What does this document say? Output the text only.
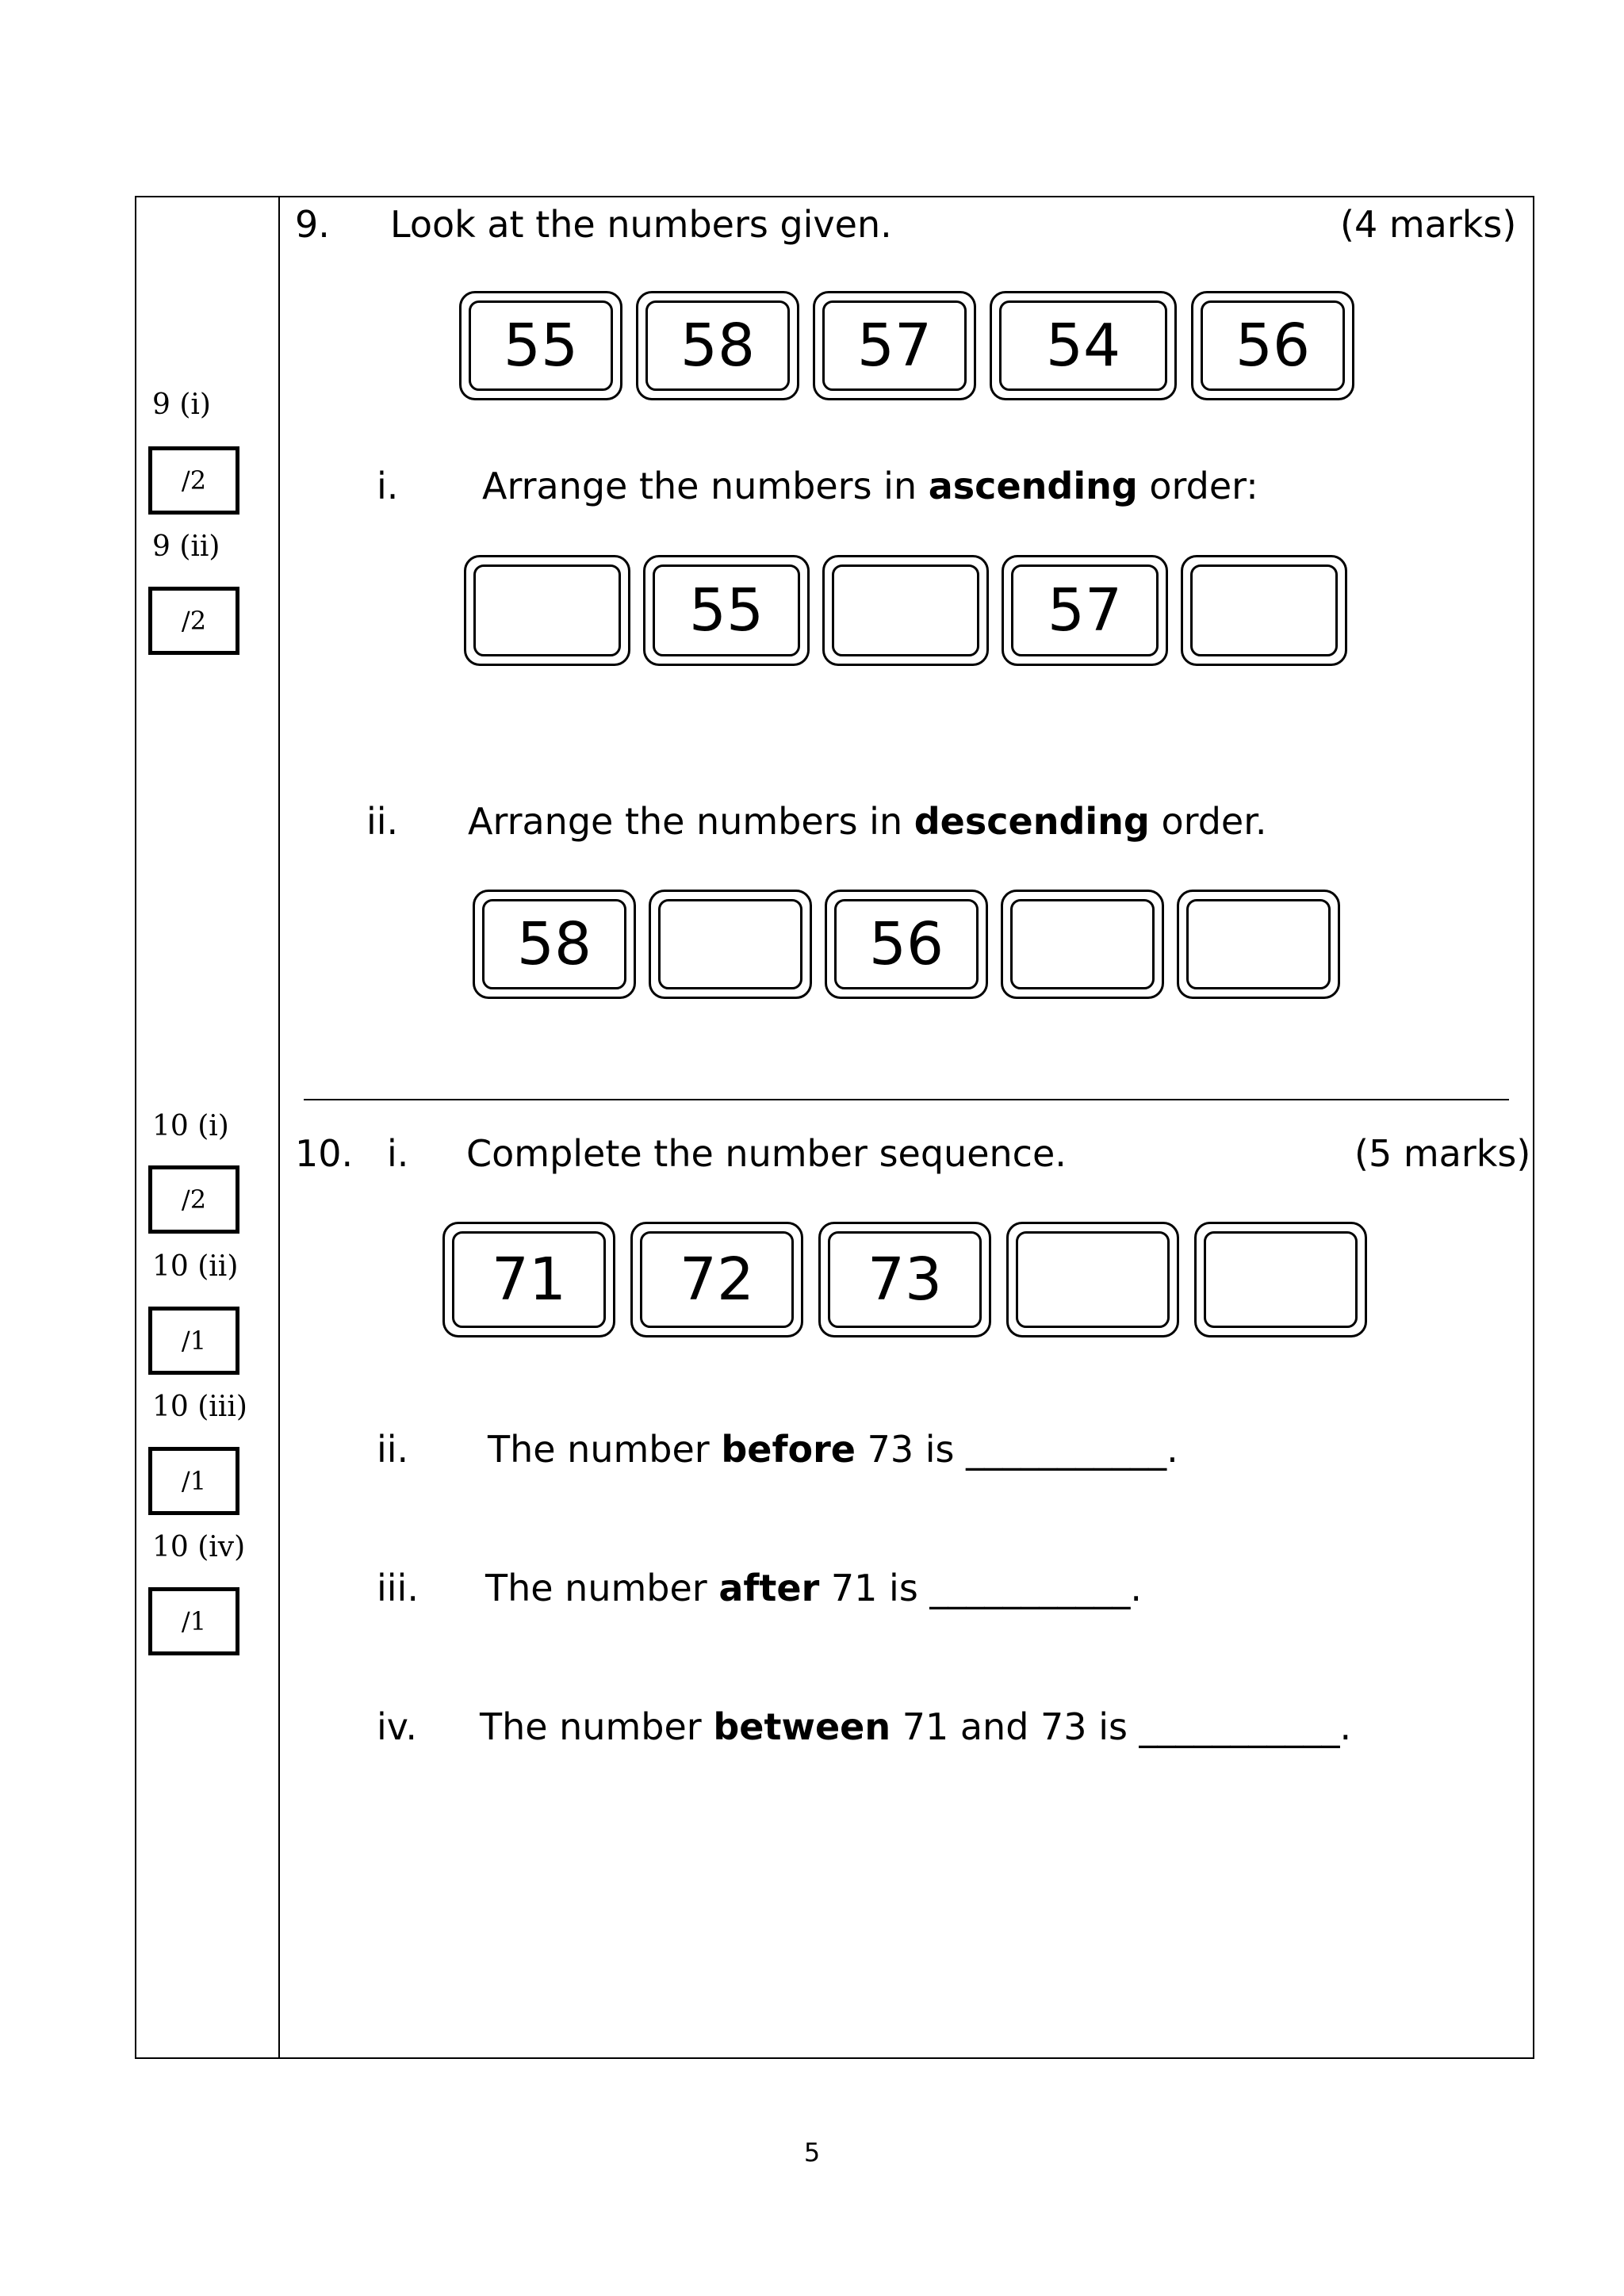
9 (i)
/2
9 (ii)
/2
10 (i)
/2
10 (ii)
/1
10 (iii)
/1
10 (iv)
/1
9. Look at the numbers given.	(4 marks)
55	58	57	54	56
i. Arrange the numbers in ascending order:
55	57
ii. Arrange the numbers in descending order.
58	56
10. i. Complete the number sequence.	(5 marks)
71	72	73
ii. The number before 73 is ___________.
iii. The number after 71 is ___________.
iv. The number between 71 and 73 is ___________.
5
